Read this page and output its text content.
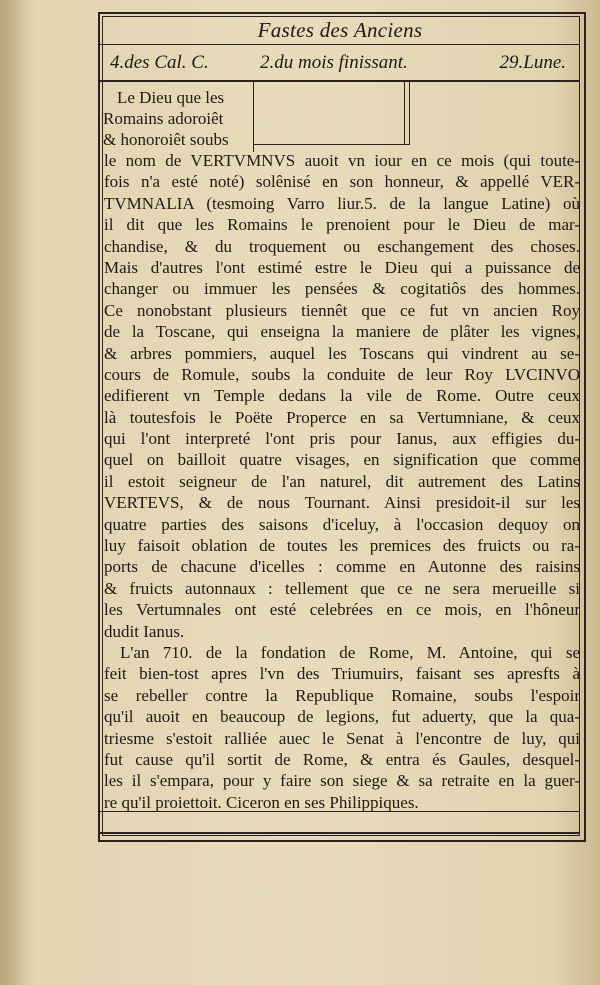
Fastes des Anciens
4.des Cal. C.	2.du mois finissant.	29.Lune.
Le Dieu que les
Romains adoroiêt
& honoroiêt soubs
le nom de VERTVMNVS auoit vn iour en ce mois (qui toute-
fois n'a esté noté) solênisé en son honneur, & appellé VER-
TVMNALIA (tesmoing Varro liur.5. de la langue Latine) où
il dit que les Romains le prenoient pour le Dieu de mar-
chandise, & du troquement ou eschangement des choses.
Mais d'autres l'ont estimé estre le Dieu qui a puissance de
changer ou immuer les pensées & cogitatiôs des hommes.
Ce nonobstant plusieurs tiennêt que ce fut vn ancien Roy
de la Toscane, qui enseigna la maniere de plâter les vignes,
& arbres pommiers, auquel les Toscans qui vindrent au se-
cours de Romule, soubs la conduite de leur Roy LVCINVO
edifierent vn Temple dedans la vile de Rome. Outre ceux
là toutesfois le Poëte Properce en sa Vertumniane, & ceux
qui l'ont interpreté l'ont pris pour Ianus, aux effigies du-
quel on bailloit quatre visages, en signification que comme
il estoit seigneur de l'an naturel, dit autrement des Latins
VERTEVS, & de nous Tournant. Ainsi presidoit-il sur les
quatre parties des saisons d'iceluy, à l'occasion dequoy on
luy faisoit oblation de toutes les premices des fruicts ou ra-
ports de chacune d'icelles : comme en Autonne des raisins
& fruicts autonnaux : tellement que ce ne sera merueille si
les Vertumnales ont esté celebrées en ce mois, en l'hôneur
dudit Ianus.
L'an 710. de la fondation de Rome, M. Antoine, qui se
feit bien-tost apres l'vn des Triumuirs, faisant ses apresfts à
se rebeller contre la Republique Romaine, soubs l'espoir
qu'il auoit en beaucoup de legions, fut aduerty, que la qua-
triesme s'estoit ralliée auec le Senat à l'encontre de luy, qui
fut cause qu'il sortit de Rome, & entra és Gaules, desquel-
les il s'empara, pour y faire son siege & sa retraite en la guer-
re qu'il proiettoit. Ciceron en ses Philippiques.
